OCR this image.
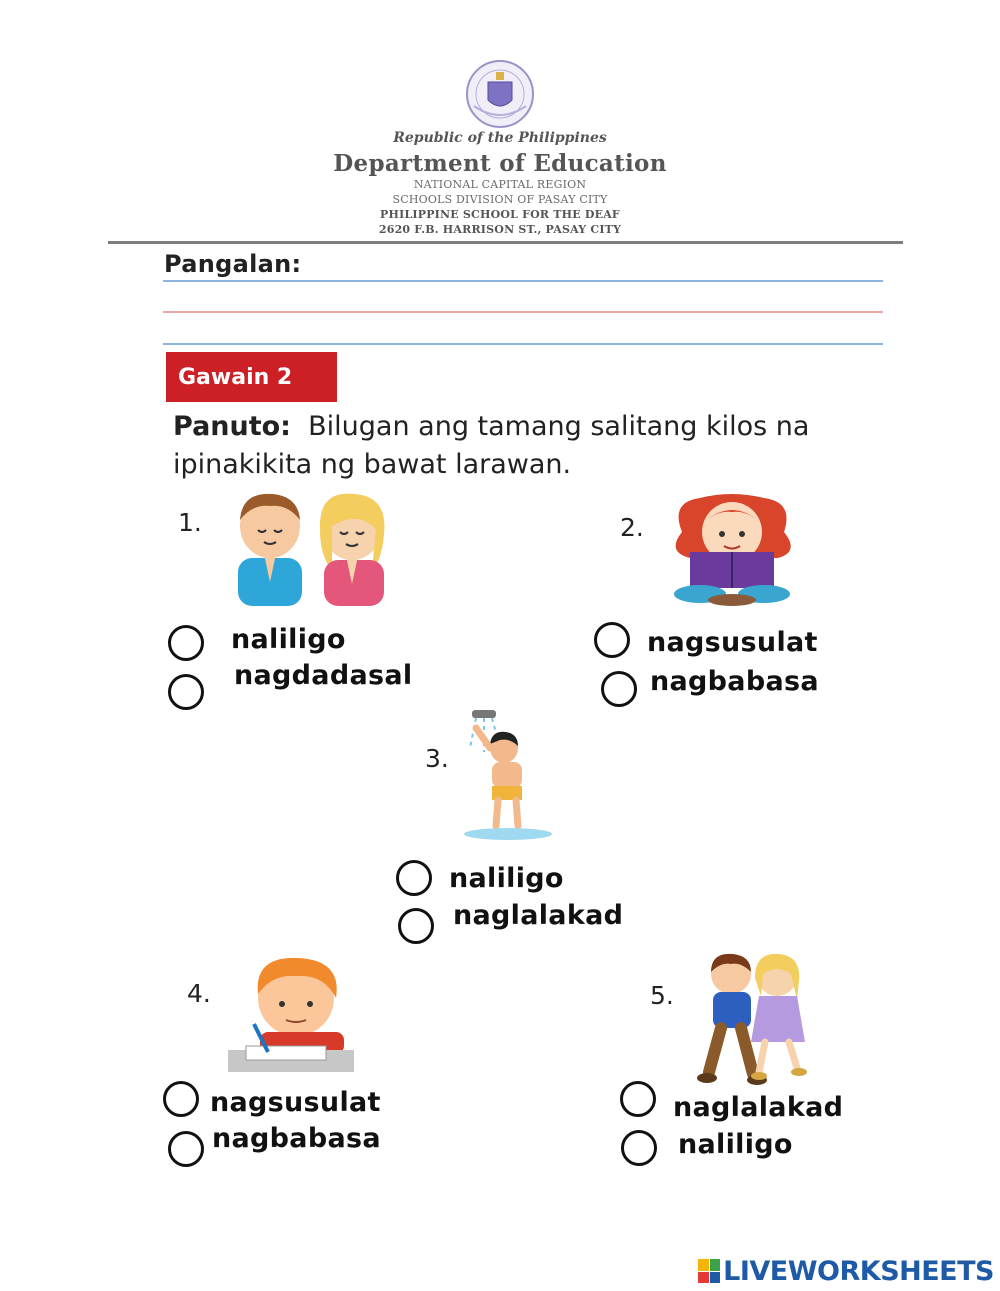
Republic of the Philippines
Department of Education
NATIONAL CAPITAL REGION
SCHOOLS DIVISION OF PASAY CITY
PHILIPPINE SCHOOL FOR THE DEAF
2620 F.B. HARRISON ST., PASAY CITY
Pangalan:
Gawain 2
Panuto: Bilugan ang tamang salitang kilos na ipinakikita ng bawat larawan.
1.
naliligo
nagdadasal
2.
nagsusulat
nagbabasa
3.
naliligo
naglalakad
4.
nagsusulat
nagbabasa
5.
naglalakad
naliligo
LIVEWORKSHEETS
